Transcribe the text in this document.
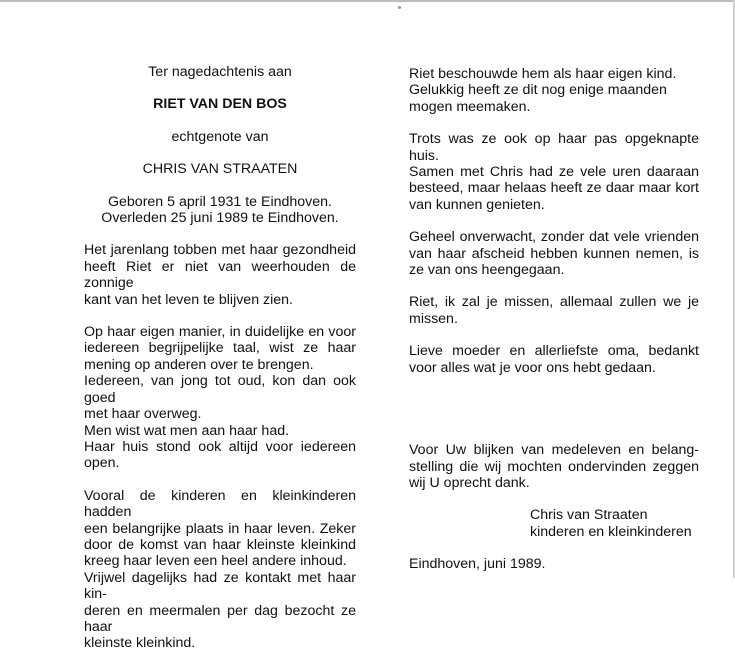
Ter nagedachtenis aan
RIET VAN DEN BOS
echtgenote van
CHRIS VAN STRAATEN
Geboren 5 april 1931 te Eindhoven.
Overleden 25 juni 1989 te Eindhoven.
Het jarenlang tobben met haar gezondheid
heeft Riet er niet van weerhouden de zonnige
kant van het leven te blijven zien.
Op haar eigen manier, in duidelijke en voor
iedereen begrijpelijke taal, wist ze haar
mening op anderen over te brengen.
Iedereen, van jong tot oud, kon dan ook goed
met haar overweg.
Men wist wat men aan haar had.
Haar huis stond ook altijd voor iedereen
open.
Vooral de kinderen en kleinkinderen hadden
een belangrijke plaats in haar leven. Zeker
door de komst van haar kleinste kleinkind
kreeg haar leven een heel andere inhoud.
Vrijwel dagelijks had ze kontakt met haar kin-
deren en meermalen per dag bezocht ze haar
kleinste kleinkind.
Riet beschouwde hem als haar eigen kind.
Gelukkig heeft ze dit nog enige maanden
mogen meemaken.
Trots was ze ook op haar pas opgeknapte
huis.
Samen met Chris had ze vele uren daaraan
besteed, maar helaas heeft ze daar maar kort
van kunnen genieten.
Geheel onverwacht, zonder dat vele vrienden
van haar afscheid hebben kunnen nemen, is
ze van ons heengegaan.
Riet, ik zal je missen, allemaal zullen we je
missen.
Lieve moeder en allerliefste oma, bedankt
voor alles wat je voor ons hebt gedaan.
Voor Uw blijken van medeleven en belang-
stelling die wij mochten ondervinden zeggen
wij U oprecht dank.
Chris van Straaten
kinderen en kleinkinderen
Eindhoven, juni 1989.
